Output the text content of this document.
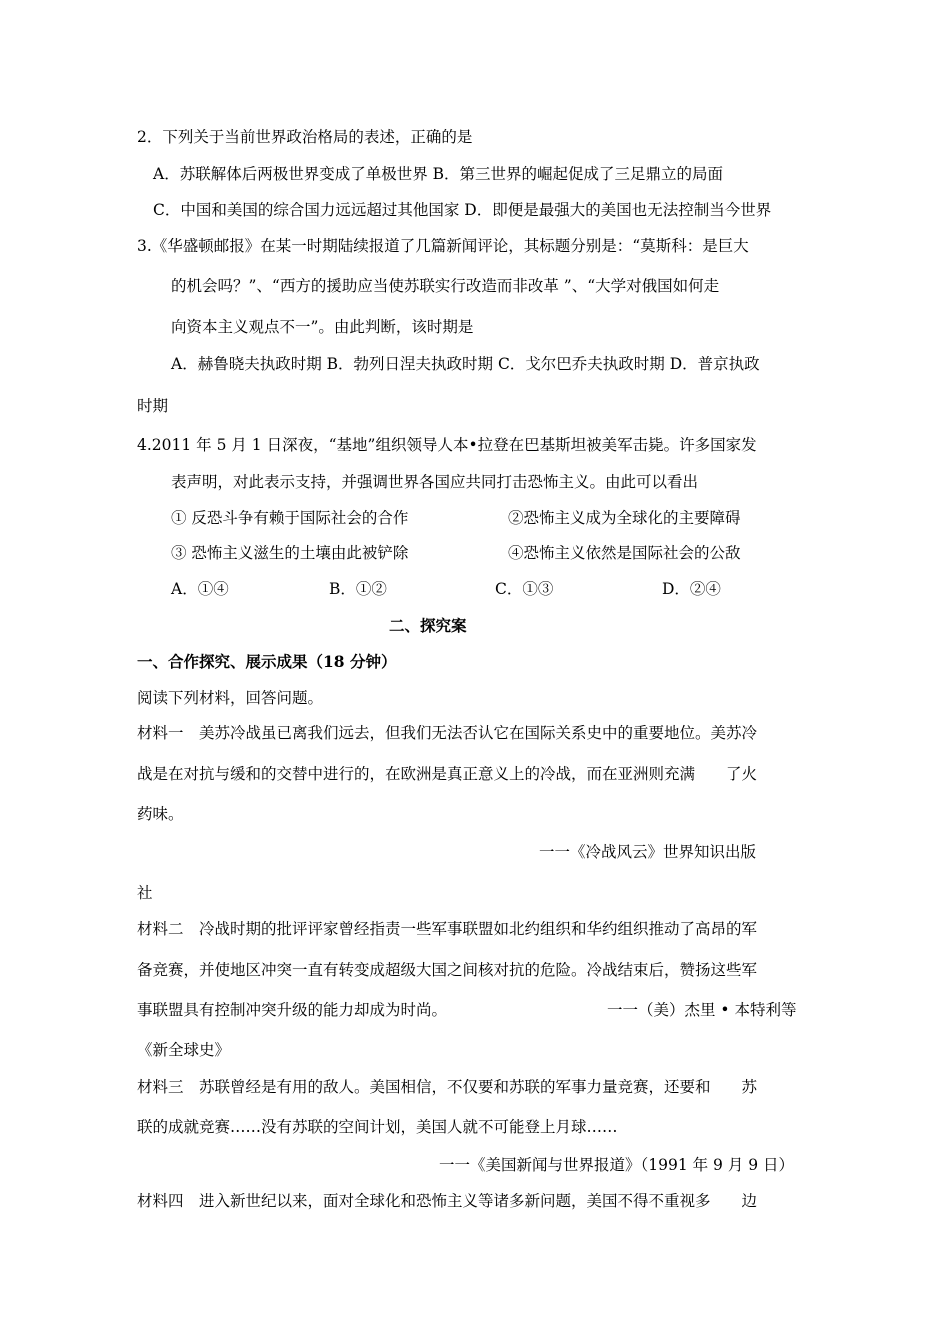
2．下列关于当前世界政治格局的表述，正确的是
A．苏联解体后两极世界变成了单极世界 B．第三世界的崛起促成了三足鼎立的局面
C．中国和美国的综合国力远远超过其他国家 D．即便是最强大的美国也无法控制当今世界
3.《华盛顿邮报》在某一时期陆续报道了几篇新闻评论，其标题分别是：“莫斯科：是巨大
的机会吗？”、“西方的援助应当使苏联实行改造而非改革 ”、“大学对俄国如何走
向资本主义观点不一”。由此判断，该时期是
A．赫鲁晓夫执政时期 B．勃列日涅夫执政时期 C．戈尔巴乔夫执政时期 D．普京执政
时期
4.2011 年 5 月 1 日深夜，“基地”组织领导人本•拉登在巴基斯坦被美军击毙。许多国家发
表声明，对此表示支持，并强调世界各国应共同打击恐怖主义。由此可以看出
① 反恐斗争有赖于国际社会的合作	②恐怖主义成为全球化的主要障碍
③ 恐怖主义滋生的土壤由此被铲除	④恐怖主义依然是国际社会的公敌
A．①④	B．①②	C．①③	D．②④
二、探究案
一、合作探究、展示成果（18 分钟）
阅读下列材料，回答问题。
材料一　美苏冷战虽已离我们远去，但我们无法否认它在国际关系史中的重要地位。美苏冷
战是在对抗与缓和的交替中进行的，在欧洲是真正意义上的冷战，而在亚洲则充满　　了火
药味。
一一《冷战风云》世界知识出版
社
材料二　冷战时期的批评评家曾经指责一些军事联盟如北约组织和华约组织推动了高昂的军
备竞赛，并使地区冲突一直有转变成超级大国之间核对抗的危险。冷战结束后，赞扬这些军
事联盟具有控制冲突升级的能力却成为时尚。	一一（美）杰里 • 本特利等
《新全球史》
材料三　苏联曾经是有用的敌人。美国相信，不仅要和苏联的军事力量竞赛，还要和　　苏
联的成就竞赛……没有苏联的空间计划，美国人就不可能登上月球……
一一《美国新闻与世界报道》（1991 年 9 月 9 日）
材料四　进入新世纪以来，面对全球化和恐怖主义等诸多新问题，美国不得不重视多　　边
